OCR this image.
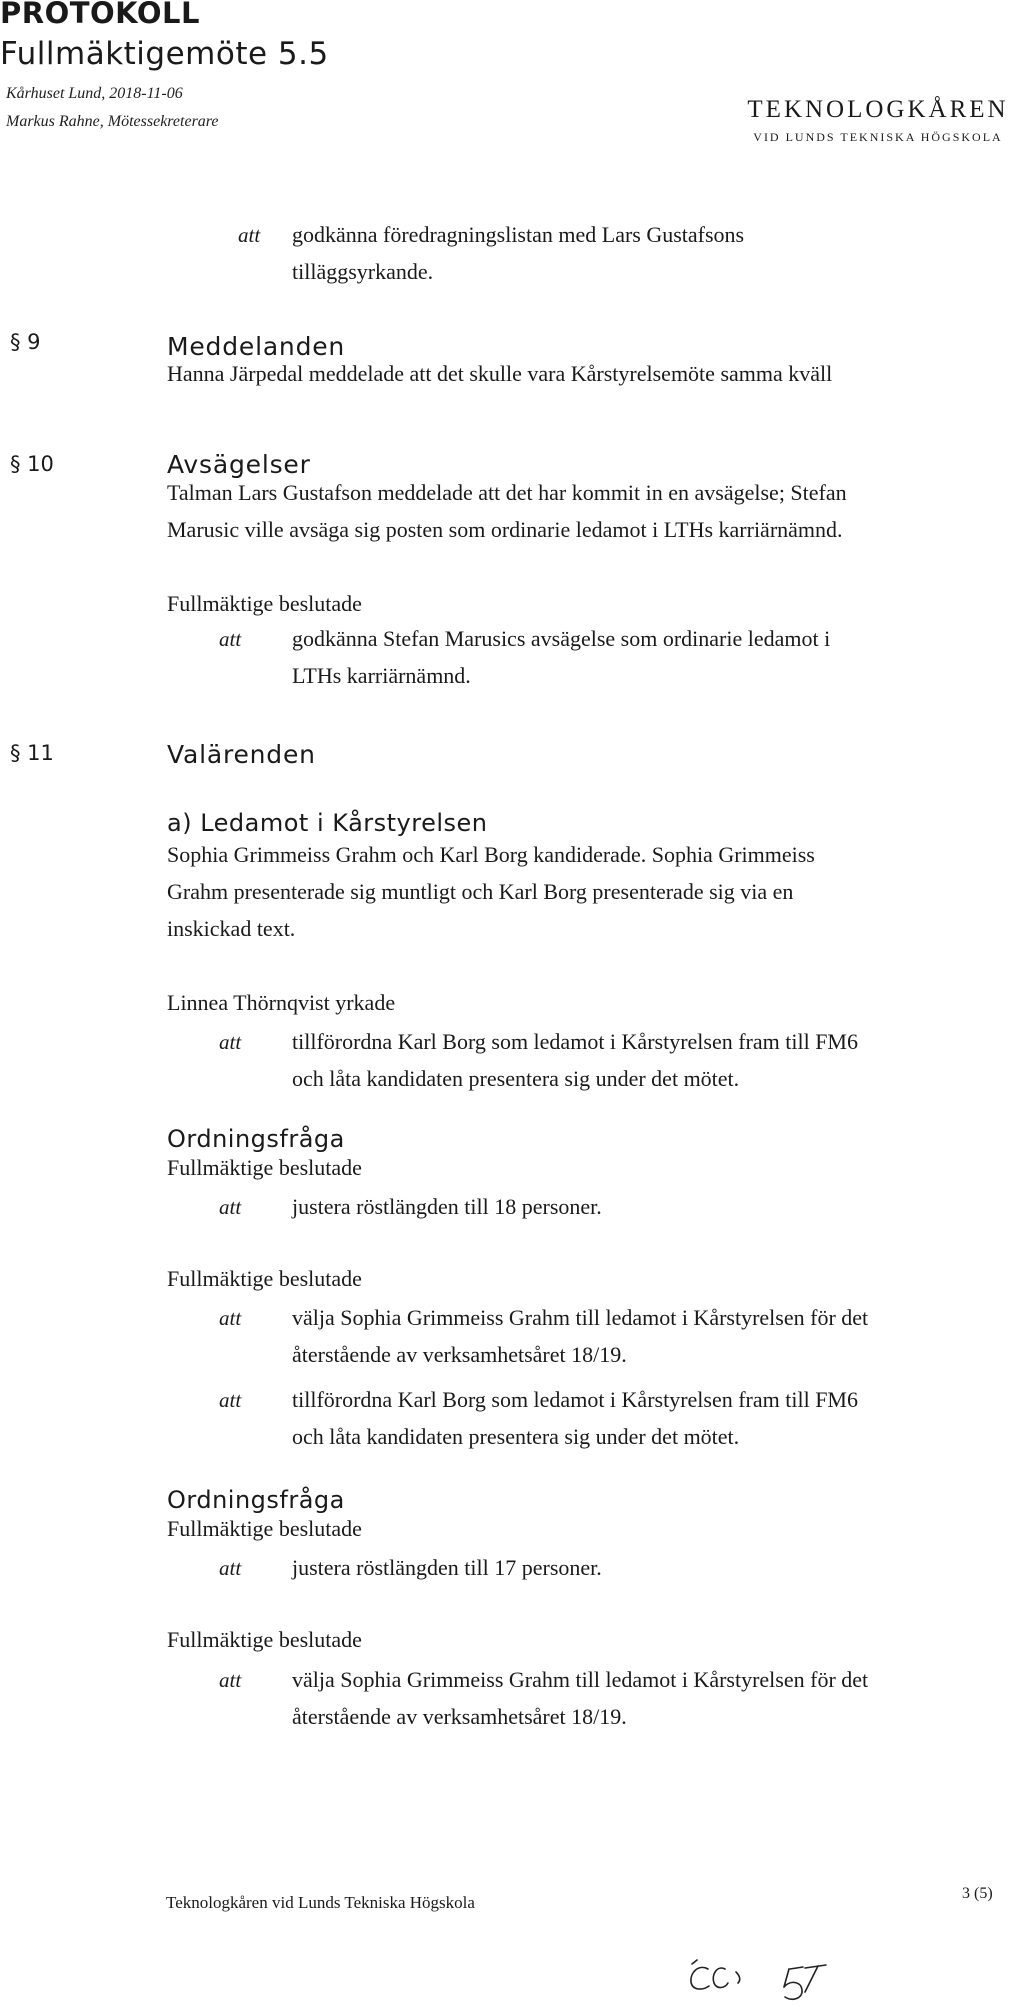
PROTOKOLL
Fullmäktigemöte 5.5
Kårhuset Lund, 2018-11-06
Markus Rahne, Mötessekreterare	TEKNOLOGKÅREN
VID LUNDS TEKNISKA HÖGSKOLA
att godkänna föredragningslistan med Lars Gustafsons
tilläggsyrkande.
§ 9	Meddelanden
Hanna Järpedal meddelade att det skulle vara Kårstyrelsemöte samma kväll
§ 10	Avsägelser
Talman Lars Gustafson meddelade att det har kommit in en avsägelse; Stefan
Marusic ville avsäga sig posten som ordinarie ledamot i LTHs karriärnämnd.
Fullmäktige beslutade
att godkänna Stefan Marusics avsägelse som ordinarie ledamot i
LTHs karriärnämnd.
§ 11	Valärenden
a) Ledamot i Kårstyrelsen
Sophia Grimmeiss Grahm och Karl Borg kandiderade. Sophia Grimmeiss
Grahm presenterade sig muntligt och Karl Borg presenterade sig via en
inskickad text.
Linnea Thörnqvist yrkade
att tillförordna Karl Borg som ledamot i Kårstyrelsen fram till FM6
och låta kandidaten presentera sig under det mötet.
Ordningsfråga
Fullmäktige beslutade
att justera röstlängden till 18 personer.
Fullmäktige beslutade
att välja Sophia Grimmeiss Grahm till ledamot i Kårstyrelsen för det
återstående av verksamhetsåret 18/19.
att tillförordna Karl Borg som ledamot i Kårstyrelsen fram till FM6
och låta kandidaten presentera sig under det mötet.
Ordningsfråga
Fullmäktige beslutade
att justera röstlängden till 17 personer.
Fullmäktige beslutade
att välja Sophia Grimmeiss Grahm till ledamot i Kårstyrelsen för det
återstående av verksamhetsåret 18/19.
Teknologkåren vid Lunds Tekniska Högskola	3 (5)
